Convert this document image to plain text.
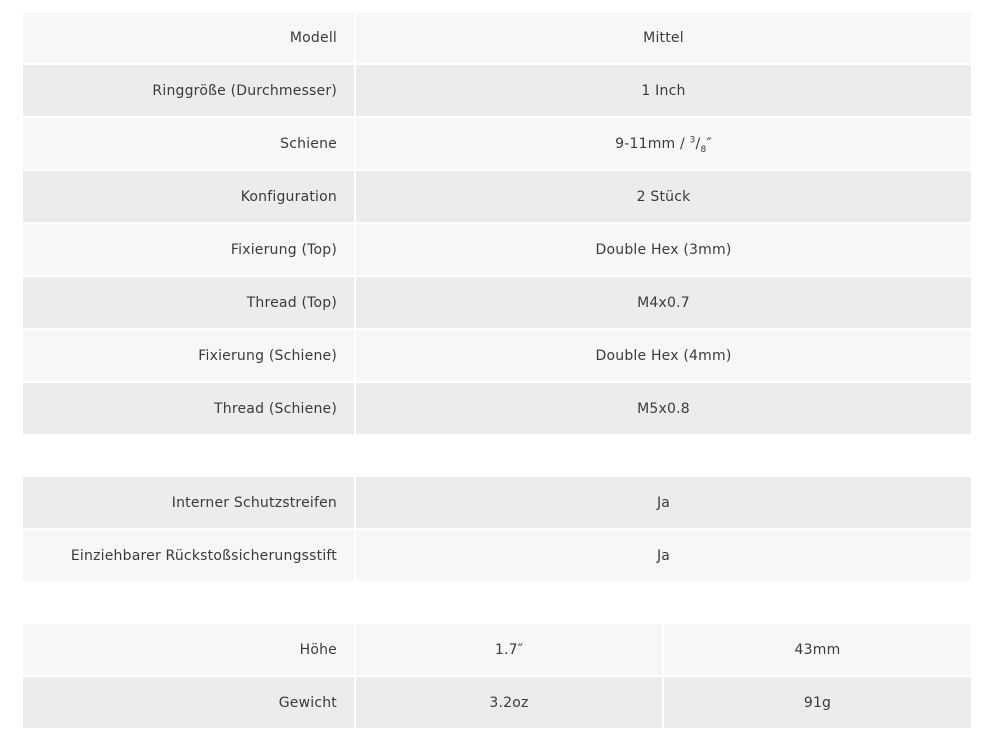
Modell	Mittel
Ringgröße (Durchmesser)	1 Inch
Schiene	$9-11mm / ^3/_8''$
Konfiguration	2 Stück
Fixierung (Top)	Double Hex (3mm)
Thread (Top)	M4x0.7
Fixierung (Schiene)	Double Hex (4mm)
Thread (Schiene)	M5x0.8
Interner Schutzstreifen	Ja
Einziehbarer Rückstoßsicherungsstift	Ja
Höhe	1.7″	43mm
Gewicht	3.2oz	91g
